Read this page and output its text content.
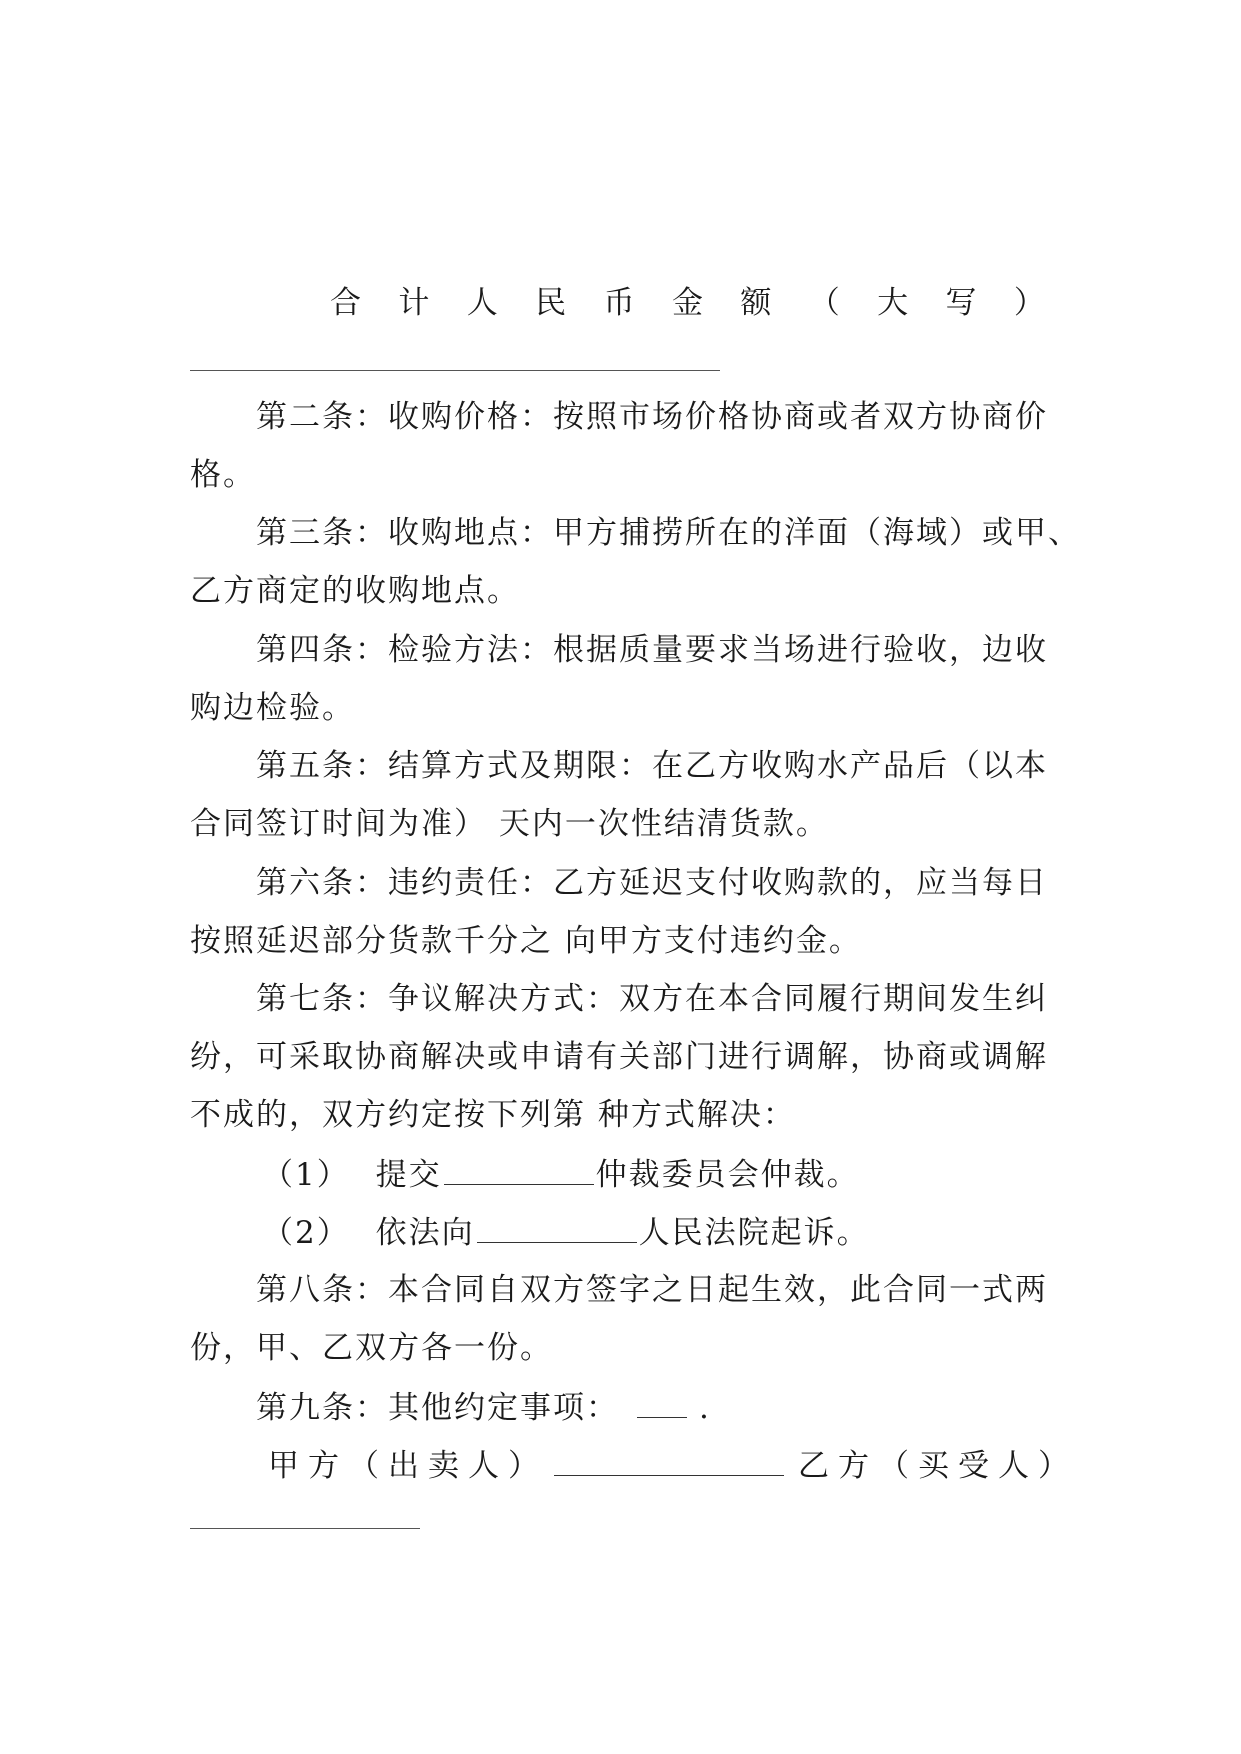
合 计 人 民 币 金 额 （ 大 写 ）
第二条：收购价格：按照市场价格协商或者双方协商价
格。
第三条：收购地点：甲方捕捞所在的洋面（海域）或甲、
乙方商定的收购地点。
第四条：检验方法：根据质量要求当场进行验收，边收
购边检验。
第五条：结算方式及期限：在乙方收购水产品后（以本
合同签订时间为准） 天内一次性结清货款。
第六条：违约责任：乙方延迟支付收购款的，应当每日
按照延迟部分货款千分之 向甲方支付违约金。
第七条：争议解决方式：双方在本合同履行期间发生纠
纷，可采取协商解决或申请有关部门进行调解，协商或调解
不成的，双方约定按下列第 种方式解决：
（1） 提交	仲裁委员会仲裁。
（2） 依法向	人民法院起诉。
第八条：本合同自双方签字之日起生效，此合同一式两
份，甲、乙双方各一份。
第九条：其他约定事项：	.
甲方（出卖人）	乙方（买受人）
